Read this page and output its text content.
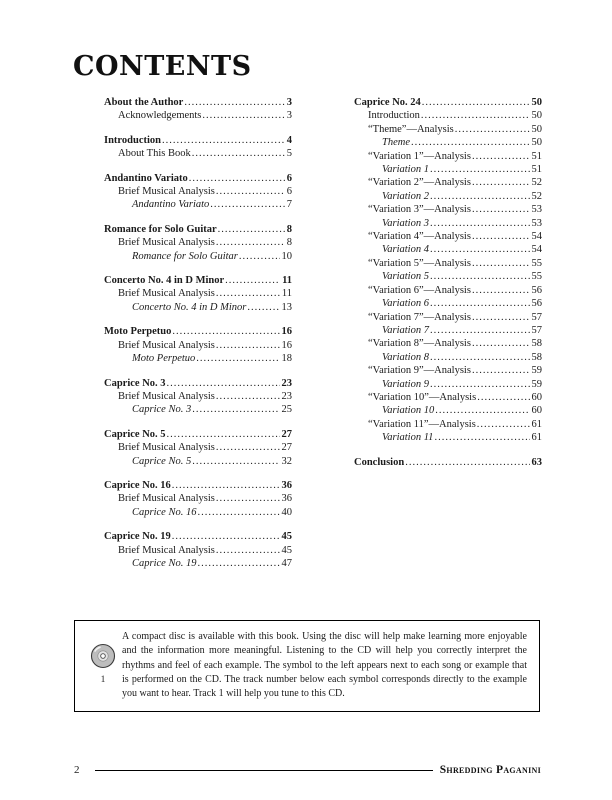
CONTENTS
About the Author .....	3
Acknowledgements .....	3
Introduction .....	4
About This Book .....	5
Andantino Variato .....	6
Brief Musical Analysis .....	6
Andantino Variato .....	7
Romance for Solo Guitar .....	8
Brief Musical Analysis .....	8
Romance for Solo Guitar .....	10
Concerto No. 4 in D Minor .....	11
Brief Musical Analysis .....	11
Concerto No. 4 in D Minor .....	13
Moto Perpetuo .....	16
Brief Musical Analysis .....	16
Moto Perpetuo .....	18
Caprice No. 3 .....	23
Brief Musical Analysis .....	23
Caprice No. 3 .....	25
Caprice No. 5 .....	27
Brief Musical Analysis .....	27
Caprice No. 5 .....	32
Caprice No. 16 .....	36
Brief Musical Analysis .....	36
Caprice No. 16 .....	40
Caprice No. 19 .....	45
Brief Musical Analysis .....	45
Caprice No. 19 .....	47
Caprice No. 24 .....	50
Introduction .....	50
“Theme”—Analysis .....	50
Theme .....	50
“Variation 1”—Analysis .....	51
Variation 1 .....	51
“Variation 2”—Analysis .....	52
Variation 2 .....	52
“Variation 3”—Analysis .....	53
Variation 3 .....	53
“Variation 4”—Analysis .....	54
Variation 4 .....	54
“Variation 5”—Analysis .....	55
Variation 5 .....	55
“Variation 6”—Analysis .....	56
Variation 6 .....	56
“Variation 7”—Analysis .....	57
Variation 7 .....	57
“Variation 8”—Analysis .....	58
Variation 8 .....	58
“Variation 9”—Analysis .....	59
Variation 9 .....	59
“Variation 10”—Analysis .....	60
Variation 10 .....	60
“Variation 11”—Analysis .....	61
Variation 11 .....	61
Conclusion .....	63
1
A compact disc is available with this book. Using the disc will help make learning more enjoyable and the information more meaningful. Listening to the CD will help you correctly interpret the rhythms and feel of each example. The symbol to the left appears next to each song or example that is performed on the CD. The track number below each symbol corresponds directly to the example you want to hear. Track 1 will help you tune to this CD.
2	Shredding Paganini
